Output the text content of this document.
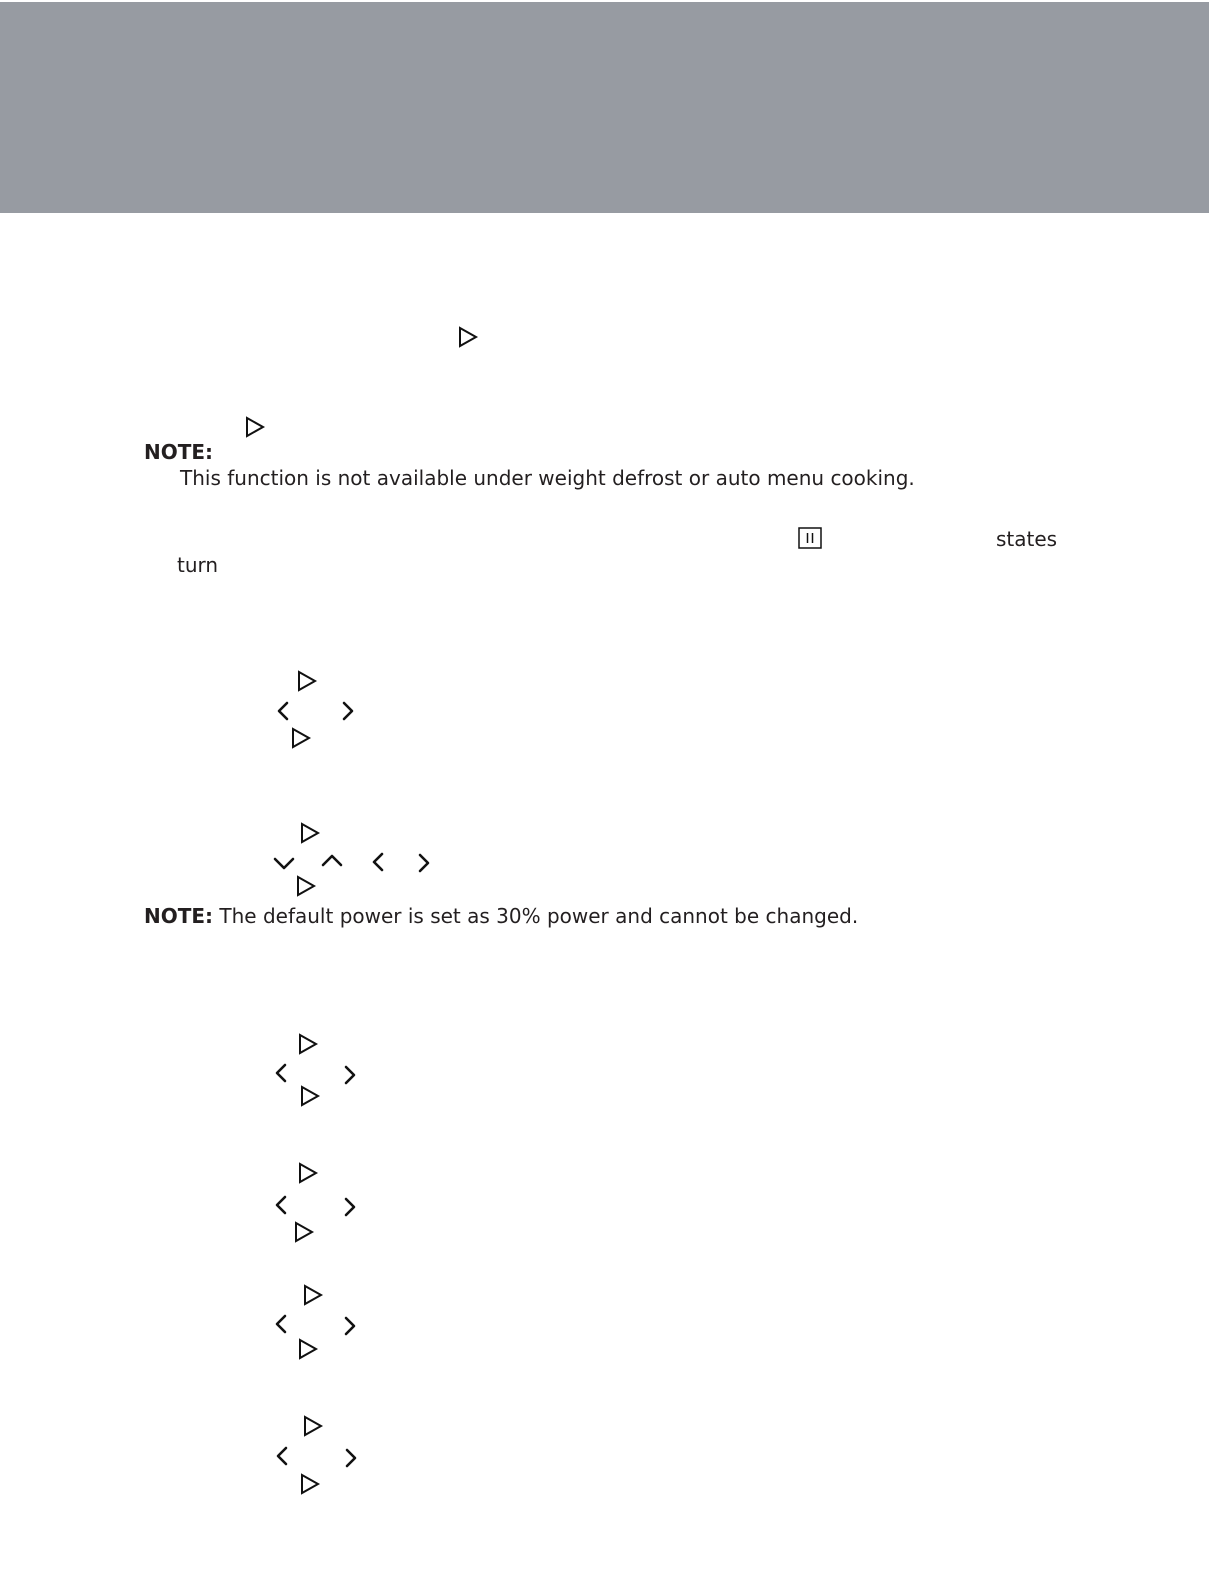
NOTE:
This function is not available under weight defrost or auto menu cooking.
states
turn
NOTE: The default power is set as 30% power and cannot be changed.
